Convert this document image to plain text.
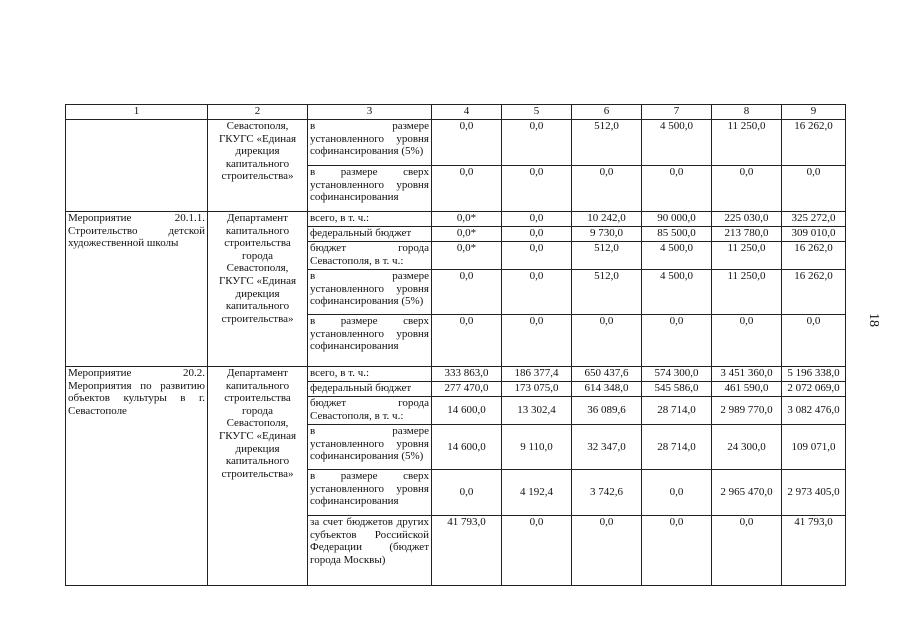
18
1	2	3	4	5	6	7	8	9
	Севастополя, ГКУГС «Единая дирекция капитального строительства»	в размере установленного уровня софинансирования (5%)	0,0	0,0	512,0	4 500,0	11 250,0	16 262,0
		в размере сверх установленного уровня софинансирования	0,0	0,0	0,0	0,0	0,0	0,0
Мероприятие 20.1.1. Строительство детской художественной школы	Департамент капитального строительства города Севастополя, ГКУГС «Единая дирекция капитального строительства»	всего, в т. ч.:	0,0*	0,0	10 242,0	90 000,0	225 030,0	325 272,0
		федеральный бюджет	0,0*	0,0	9 730,0	85 500,0	213 780,0	309 010,0
		бюджет города Севастополя, в т. ч.:	0,0*	0,0	512,0	4 500,0	11 250,0	16 262,0
		в размере установленного уровня софинансирования (5%)	0,0	0,0	512,0	4 500,0	11 250,0	16 262,0
		в размере сверх установленного уровня софинансирования	0,0	0,0	0,0	0,0	0,0	0,0
Мероприятие 20.2. Мероприятия по развитию объектов культуры в г. Севастополе	Департамент капитального строительства города Севастополя, ГКУГС «Единая дирекция капитального строительства»	всего, в т. ч.:	333 863,0	186 377,4	650 437,6	574 300,0	3 451 360,0	5 196 338,0
		федеральный бюджет	277 470,0	173 075,0	614 348,0	545 586,0	461 590,0	2 072 069,0
		бюджет города Севастополя, в т. ч.:	14 600,0	13 302,4	36 089,6	28 714,0	2 989 770,0	3 082 476,0
		в размере установленного уровня софинансирования (5%)	14 600,0	9 110,0	32 347,0	28 714,0	24 300,0	109 071,0
		в размере сверх установленного уровня софинансирования	0,0	4 192,4	3 742,6	0,0	2 965 470,0	2 973 405,0
		за счет бюджетов других субъектов Российской Федерации (бюджет города Москвы)	41 793,0	0,0	0,0	0,0	0,0	41 793,0
